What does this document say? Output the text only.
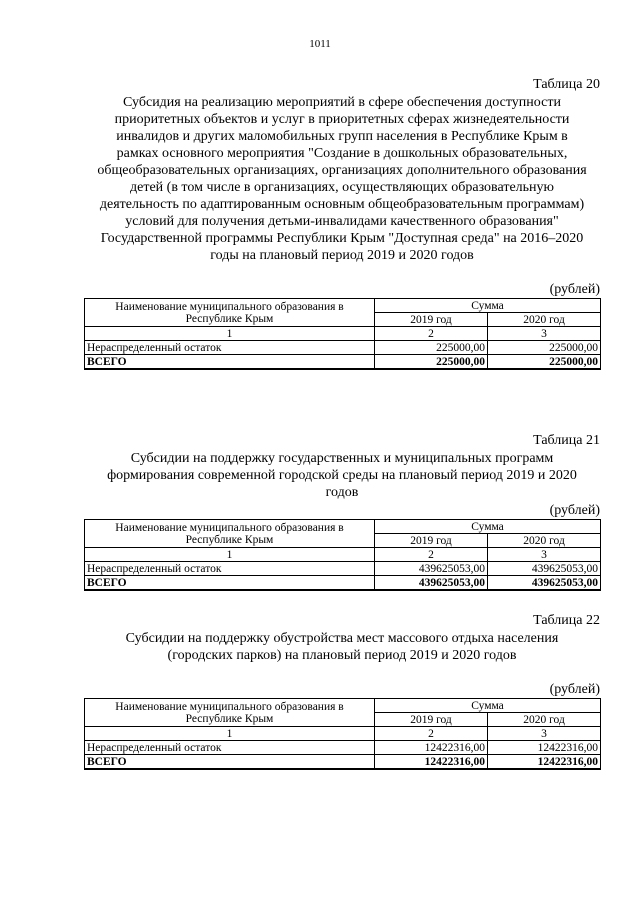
1011
Таблица 20
Субсидия на реализацию мероприятий в сфере обеспечения доступности приоритетных объектов и услуг в приоритетных сферах жизнедеятельности инвалидов и других маломобильных групп населения в Республике Крым в рамках основного мероприятия "Создание в дошкольных образовательных, общеобразовательных организациях, организациях дополнительного образования детей (в том числе в организациях, осуществляющих образовательную деятельность по адаптированным основным общеобразовательным программам) условий для получения детьми-инвалидами качественного образования" Государственной программы Республики Крым "Доступная среда" на 2016–2020 годы на плановый период 2019 и 2020 годов
(рублей)
Наименование муниципального образования в Республике Крым	Сумма	
	2019 год	2020 год
1	2	3
Нераспределенный остаток	225000,00	225000,00
ВСЕГО	225000,00	225000,00
Таблица 21
Субсидии на поддержку государственных и муниципальных программ формирования современной городской среды на плановый период 2019 и 2020 годов
(рублей)
Наименование муниципального образования в Республике Крым	Сумма	
	2019 год	2020 год
1	2	3
Нераспределенный остаток	439625053,00	439625053,00
ВСЕГО	439625053,00	439625053,00
Таблица 22
Субсидии на поддержку обустройства мест массового отдыха населения (городских парков) на плановый период 2019 и 2020 годов
(рублей)
Наименование муниципального образования в Республике Крым	Сумма	
	2019 год	2020 год
1	2	3
Нераспределенный остаток	12422316,00	12422316,00
ВСЕГО	12422316,00	12422316,00
